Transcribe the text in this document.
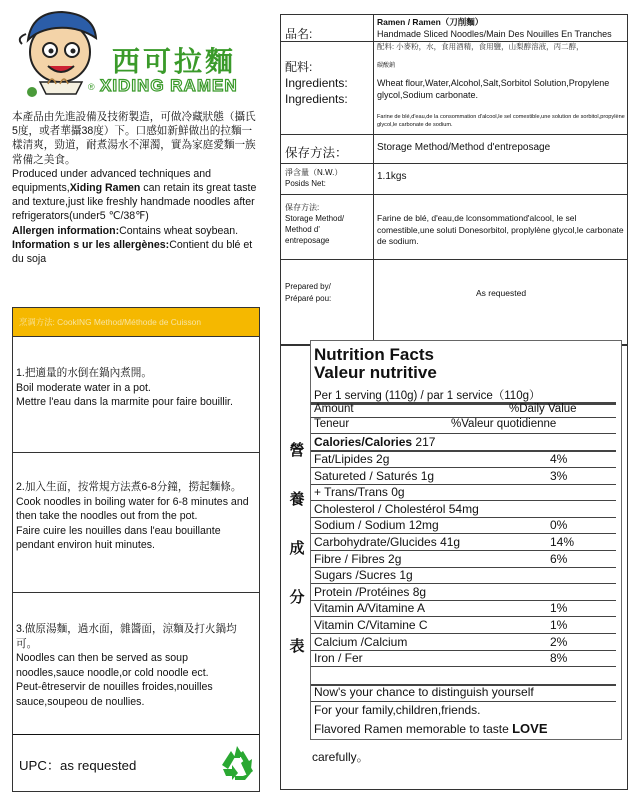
西可拉麵
® XIDING RAMEN

本產品由先進設備及技術製造，可做冷藏狀態（攝氏5度，或者華攝38度）下。口感如新鮮做出的拉麵一樣清爽，勁道，耐煮湯水不渾濁，實為家庭愛麵一族常備之美食。

Produced under advanced techniques and equipments,Xiding Ramen can retain its great taste and texture,just like freshly handmade noodles after refrigerators(under5 ℃/38℉)

Allergen information:Contains wheat soybean.

Information s ur les allergènes:Contient du blé et du soja

烹调方法: CookING Method/Méthode de Cuisson

1.把適量的水倒在鍋內煮開。

Boil moderate water in a pot.

Mettre l'eau dans la marmite pour faire bouillir.

2.加入生面，按常規方法煮6-8分鐘，撈起麵條。

Cook noodles in boiling water for 6-8 minutes and then take the noodles out from the pot.

Faire cuire les nouilles dans l'eau bouillante pendant environ huit minutes.

3.做原湯麵，過水面，雜醬面，涼麵及打火鍋均可。

Noodles can then be served as soup noodles,sauce noodle,or cold noodle ect.

Peut-êtreservir de nouilles froides,nouilles sauce,soupeou de noullies.

UPC：as requested
品名:
Ramen / Ramen（刀削麵）
Handmade Sliced Noodles/Main Des Nouilles En Tranches
配料:
Ingredients:
Ingredients:
配料: 小麥粉，水，食用酒精，食用鹽，山梨醇溶液，丙二醇，
碳酸鈉
Wheat flour,Water,Alcohol,Salt,Sorbitol Solution,Propylene glycol,Sodium carbonate.
Farine de blé,d'eau,de la consommation d'alcool,le sel comestible,une solution de sorbitol,propylène glycol,le carbonate de sodium.
保存方法：	Storage Method/Method d'entreposage
淨含量（N.W.）
Posids Net:
1.1kgs
保存方法:
Storage Method/
Method d'
entreposage
Farine de blé, d'eau,de lconsommationd'alcool, le sel comestible,une soluti Donesorbitol, proplylène glycol,le carbonate de sodium.
Prepared by/
Préparé pou:
As requested
營
養
成
分
表
Nutrition Facts
Valeur nutritive
Per 1 serving (110g) / par 1 service（110g）
Amount	%Daily Value
Teneur	%Valeur quotidienne
Calories/Calories 217
Fat/Lipides 2g	4%
Satureted / Saturés 1g	3%
+ Trans/Trans 0g
Cholesterol / Cholestérol 54mg
Sodium / Sodium 12mg	0%
Carbohydrate/Glucides 41g	14%
Fibre / Fibres 2g	6%
Sugars /Sucres 1g
Protein /Protéines 8g
Vitamin A/Vitamine A	1%
Vitamin C/Vitamine C	1%
Calcium /Calcium	2%
Iron / Fer	8%
Now's your chance to distinguish yourself
For your family,children,friends.
Flavored Ramen memorable to taste LOVE
carefully。
